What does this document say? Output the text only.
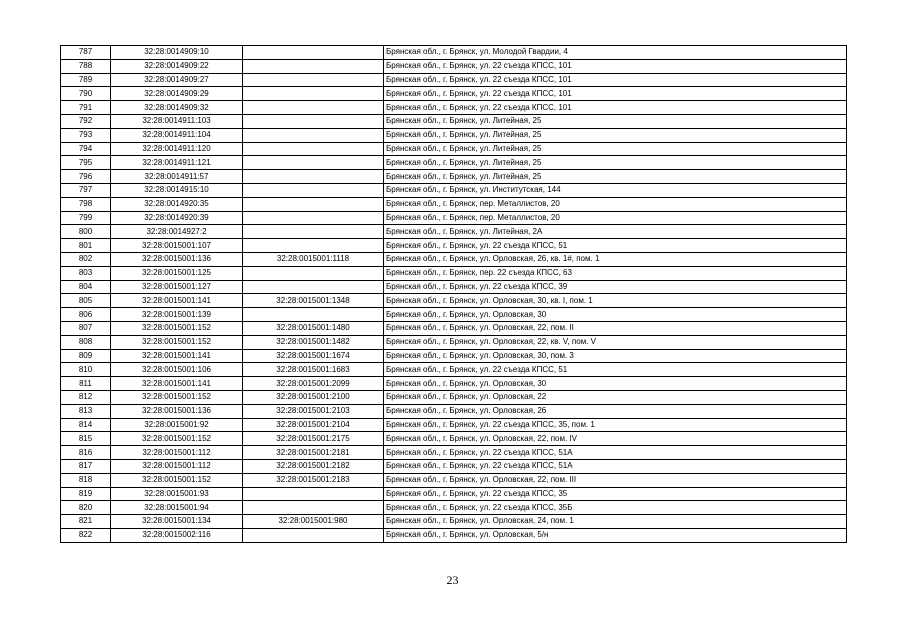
787	32:28:0014909:10		Брянская обл., г. Брянск, ул. Молодой Гвардии, 4
788	32:28:0014909:22		Брянская обл., г. Брянск, ул. 22 съезда КПСС, 101
789	32:28:0014909:27		Брянская обл., г. Брянск, ул. 22 съезда КПСС, 101
790	32:28:0014909:29		Брянская обл., г. Брянск, ул. 22 съезда КПСС, 101
791	32:28:0014909:32		Брянская обл., г. Брянск, ул. 22 съезда КПСС, 101
792	32:28:0014911:103		Брянская обл., г. Брянск, ул. Литейная, 25
793	32:28:0014911:104		Брянская обл., г. Брянск, ул. Литейная, 25
794	32:28:0014911:120		Брянская обл., г. Брянск, ул. Литейная, 25
795	32:28:0014911:121		Брянская обл., г. Брянск, ул. Литейная, 25
796	32:28:0014911:57		Брянская обл., г. Брянск, ул. Литейная, 25
797	32:28:0014915:10		Брянская обл., г. Брянск, ул. Институтская, 144
798	32:28:0014920:35		Брянская обл., г. Брянск, пер. Металлистов, 20
799	32:28:0014920:39		Брянская обл., г. Брянск, пер. Металлистов, 20
800	32:28:0014927:2		Брянская обл., г. Брянск, ул. Литейная, 2А
801	32:28:0015001:107		Брянская обл., г. Брянск, ул. 22 съезда КПСС, 51
802	32:28:0015001:136	32:28:0015001:1118	Брянская обл., г. Брянск, ул. Орловская, 26, кв. 1#, пом. 1
803	32:28:0015001:125		Брянская обл., г. Брянск, пер. 22 съезда КПСС, 63
804	32:28:0015001:127		Брянская обл., г. Брянск, ул. 22 съезда КПСС, 39
805	32:28:0015001:141	32:28:0015001:1348	Брянская обл., г. Брянск, ул. Орловская, 30, кв. I, пом. 1
806	32:28:0015001:139		Брянская обл., г. Брянск, ул. Орловская, 30
807	32:28:0015001:152	32:28:0015001:1480	Брянская обл., г. Брянск, ул. Орловская, 22, пом. II
808	32:28:0015001:152	32:28:0015001:1482	Брянская обл., г. Брянск, ул. Орловская, 22, кв. V, пом. V
809	32:28:0015001:141	32:28:0015001:1674	Брянская обл., г. Брянск, ул. Орловская, 30, пом. 3
810	32:28:0015001:106	32:28:0015001:1683	Брянская обл., г. Брянск, ул. 22 съезда КПСС, 51
811	32:28:0015001:141	32:28:0015001:2099	Брянская обл., г. Брянск, ул. Орловская, 30
812	32:28:0015001:152	32:28:0015001:2100	Брянская обл., г. Брянск, ул. Орловская, 22
813	32:28:0015001:136	32:28:0015001:2103	Брянская обл., г. Брянск, ул. Орловская, 26
814	32:28:0015001:92	32:28:0015001:2104	Брянская обл., г. Брянск, ул. 22 съезда КПСС, 35, пом. 1
815	32:28:0015001:152	32:28:0015001:2175	Брянская обл., г. Брянск, ул. Орловская, 22, пом. IV
816	32:28:0015001:112	32:28:0015001:2181	Брянская обл., г. Брянск, ул. 22 съезда КПСС, 51А
817	32:28:0015001:112	32:28:0015001:2182	Брянская обл., г. Брянск, ул. 22 съезда КПСС, 51А
818	32:28:0015001:152	32:28:0015001:2183	Брянская обл., г. Брянск, ул. Орловская, 22, пом. III
819	32:28:0015001:93		Брянская обл., г. Брянск, ул. 22 съезда КПСС, 35
820	32:28:0015001:94		Брянская обл., г. Брянск, ул. 22 съезда КПСС, 35Б
821	32:28:0015001:134	32:28:0015001:980	Брянская обл., г. Брянск, ул. Орловская, 24, пом. 1
822	32:28:0015002:116		Брянская обл., г. Брянск, ул. Орловская, 5/н
23
